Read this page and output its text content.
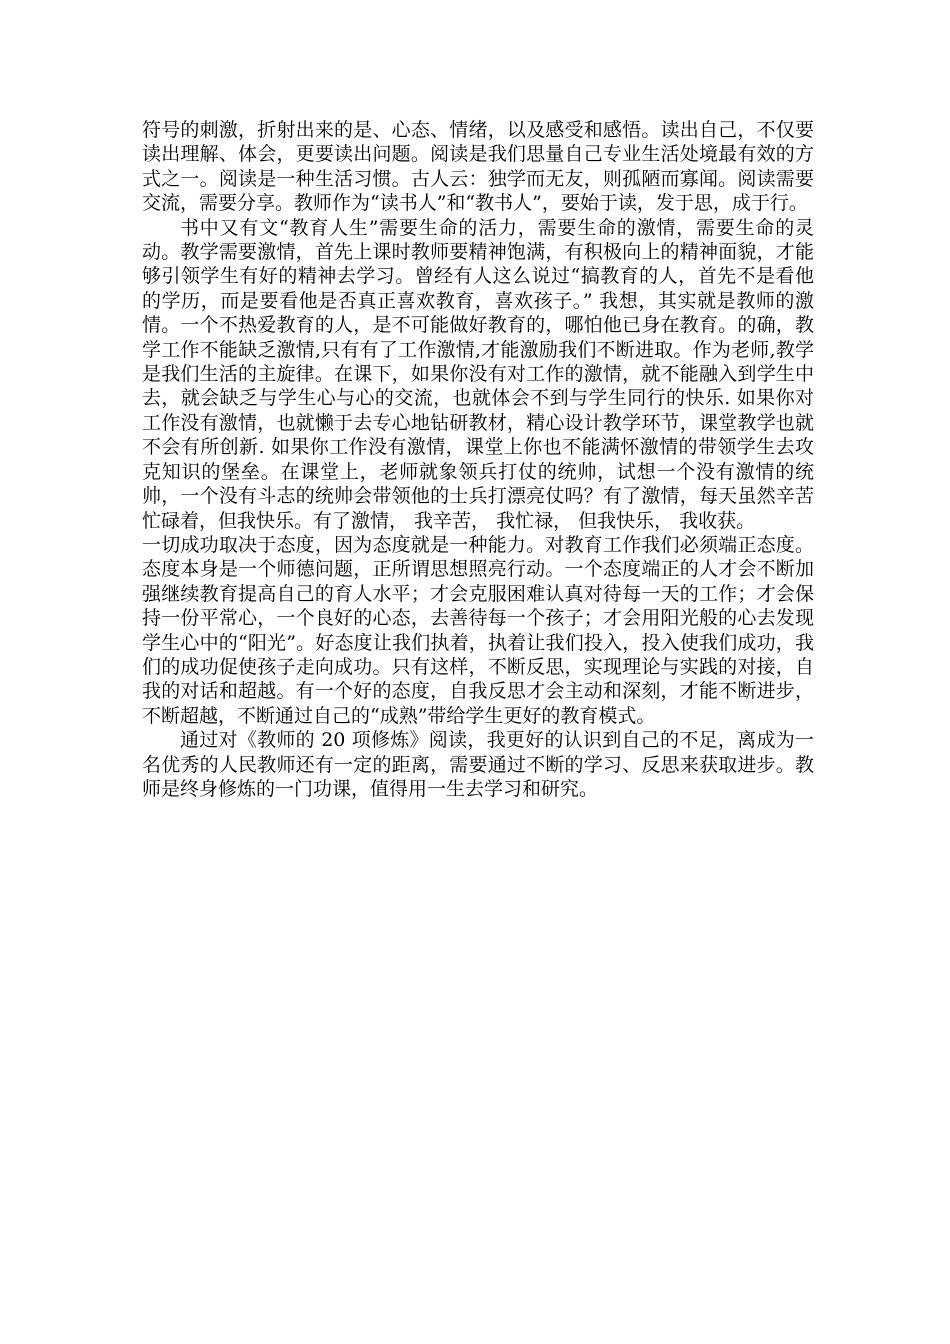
符号的刺激，折射出来的是、心态、情绪，以及感受和感悟。读出自己，不仅要读出理解、体会，更要读出问题。阅读是我们思量自己专业生活处境最有效的方式之一。阅读是一种生活习惯。古人云：独学而无友，则孤陋而寡闻。阅读需要交流，需要分享。教师作为“读书人”和“教书人”，要始于读，发于思，成于行。

书中又有文“教育人生”需要生命的活力，需要生命的激情，需要生命的灵动。教学需要激情，首先上课时教师要精神饱满，有积极向上的精神面貌，才能够引领学生有好的精神去学习。曾经有人这么说过“搞教育的人，首先不是看他的学历，而是要看他是否真正喜欢教育，喜欢孩子。” 我想，其实就是教师的激情。一个不热爱教育的人，是不可能做好教育的，哪怕他已身在教育。的确，教学工作不能缺乏激情,只有有了工作激情,才能激励我们不断进取。作为老师,教学是我们生活的主旋律。在课下，如果你没有对工作的激情，就不能融入到学生中去，就会缺乏与学生心与心的交流，也就体会不到与学生同行的快乐. 如果你对工作没有激情，也就懒于去专心地钻研教材，精心设计教学环节，课堂教学也就不会有所创新. 如果你工作没有激情，课堂上你也不能满怀激情的带领学生去攻克知识的堡垒。在课堂上，老师就象领兵打仗的统帅，试想一个没有激情的统帅，一个没有斗志的统帅会带领他的士兵打漂亮仗吗？有了激情，每天虽然辛苦忙碌着，但我快乐。有了激情， 我辛苦， 我忙禄， 但我快乐， 我收获。

一切成功取决于态度，因为态度就是一种能力。对教育工作我们必须端正态度。态度本身是一个师德问题，正所谓思想照亮行动。一个态度端正的人才会不断加强继续教育提高自己的育人水平；才会克服困难认真对待每一天的工作；才会保持一份平常心，一个良好的心态，去善待每一个孩子；才会用阳光般的心去发现学生心中的“阳光”。好态度让我们执着，执着让我们投入，投入使我们成功，我们的成功促使孩子走向成功。只有这样，不断反思，实现理论与实践的对接，自我的对话和超越。有一个好的态度，自我反思才会主动和深刻，才能不断进步，不断超越，不断通过自己的“成熟”带给学生更好的教育模式。

通过对《教师的 20 项修炼》阅读，我更好的认识到自己的不足，离成为一名优秀的人民教师还有一定的距离，需要通过不断的学习、反思来获取进步。教师是终身修炼的一门功课，值得用一生去学习和研究。
